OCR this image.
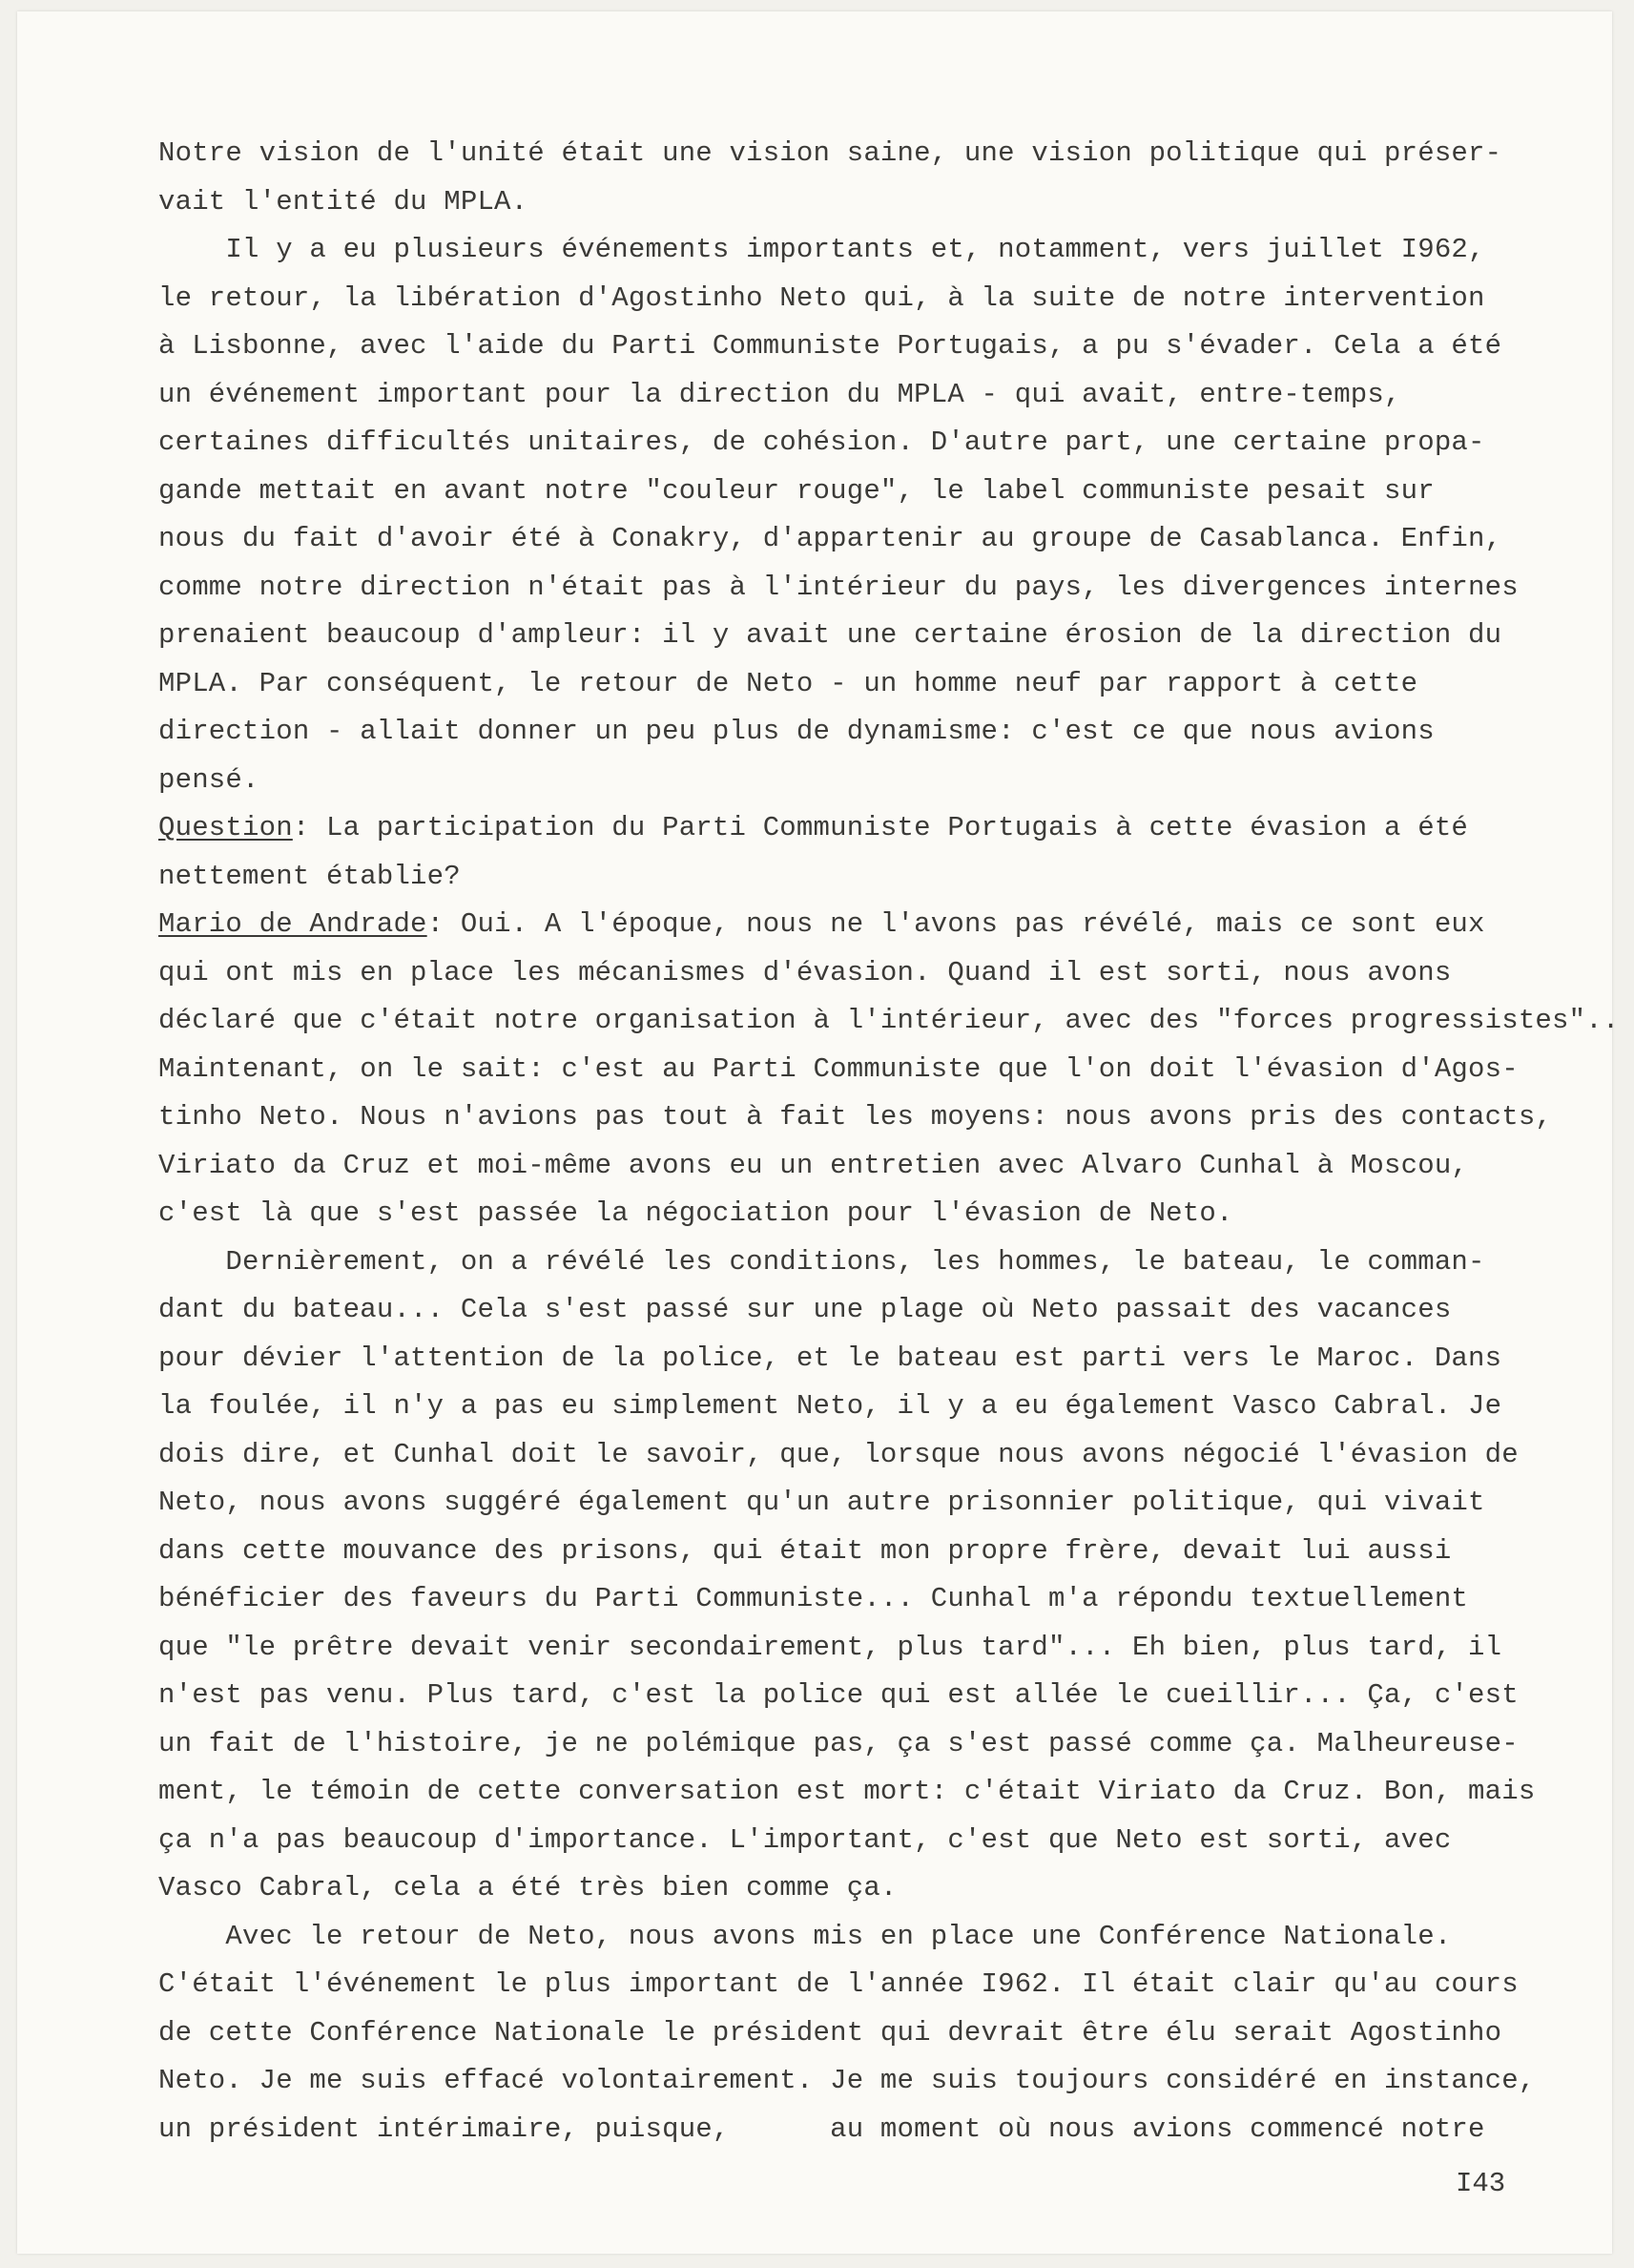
Notre vision de l'unité était une vision saine, une vision politique qui préser-
vait l'entité du MPLA.
Il y a eu plusieurs événements importants et, notamment, vers juillet I962,
le retour, la libération d'Agostinho Neto qui, à la suite de notre intervention
à Lisbonne, avec l'aide du Parti Communiste Portugais, a pu s'évader. Cela a été
un événement important pour la direction du MPLA - qui avait, entre-temps,
certaines difficultés unitaires, de cohésion. D'autre part, une certaine propa-
gande mettait en avant notre "couleur rouge", le label communiste pesait sur
nous du fait d'avoir été à Conakry, d'appartenir au groupe de Casablanca. Enfin,
comme notre direction n'était pas à l'intérieur du pays, les divergences internes
prenaient beaucoup d'ampleur: il y avait une certaine érosion de la direction du
MPLA. Par conséquent, le retour de Neto - un homme neuf par rapport à cette
direction - allait donner un peu plus de dynamisme: c'est ce que nous avions
pensé.
Question: La participation du Parti Communiste Portugais à cette évasion a été
nettement établie?
Mario de Andrade: Oui. A l'époque, nous ne l'avons pas révélé, mais ce sont eux
qui ont mis en place les mécanismes d'évasion. Quand il est sorti, nous avons
déclaré que c'était notre organisation à l'intérieur, avec des "forces progressistes"..
Maintenant, on le sait: c'est au Parti Communiste que l'on doit l'évasion d'Agos-
tinho Neto. Nous n'avions pas tout à fait les moyens: nous avons pris des contacts,
Viriato da Cruz et moi-même avons eu un entretien avec Alvaro Cunhal à Moscou,
c'est là que s'est passée la négociation pour l'évasion de Neto.
Dernièrement, on a révélé les conditions, les hommes, le bateau, le comman-
dant du bateau... Cela s'est passé sur une plage où Neto passait des vacances
pour dévier l'attention de la police, et le bateau est parti vers le Maroc. Dans
la foulée, il n'y a pas eu simplement Neto, il y a eu également Vasco Cabral. Je
dois dire, et Cunhal doit le savoir, que, lorsque nous avons négocié l'évasion de
Neto, nous avons suggéré également qu'un autre prisonnier politique, qui vivait
dans cette mouvance des prisons, qui était mon propre frère, devait lui aussi
bénéficier des faveurs du Parti Communiste... Cunhal m'a répondu textuellement
que "le prêtre devait venir secondairement, plus tard"... Eh bien, plus tard, il
n'est pas venu. Plus tard, c'est la police qui est allée le cueillir... Ça, c'est
un fait de l'histoire, je ne polémique pas, ça s'est passé comme ça. Malheureuse-
ment, le témoin de cette conversation est mort: c'était Viriato da Cruz. Bon, mais
ça n'a pas beaucoup d'importance. L'important, c'est que Neto est sorti, avec
Vasco Cabral, cela a été très bien comme ça.
Avec le retour de Neto, nous avons mis en place une Conférence Nationale.
C'était l'événement le plus important de l'année I962. Il était clair qu'au cours
de cette Conférence Nationale le président qui devrait être élu serait Agostinho
Neto. Je me suis effacé volontairement. Je me suis toujours considéré en instance,
un président intérimaire, puisque,      au moment où nous avions commencé notre
I43
